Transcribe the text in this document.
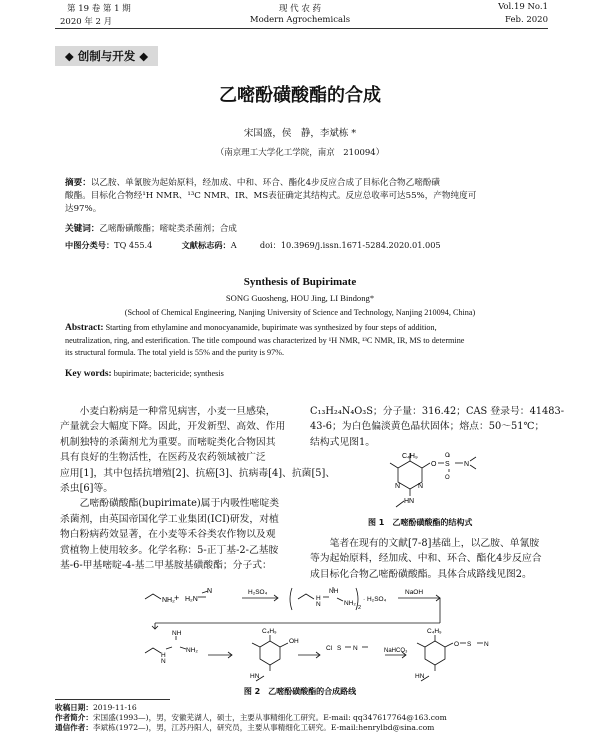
第 19 卷 第 1 期
2020 年 2 月
现 代 农 药
Modern Agrochemicals
Vol.19 No.1
Feb. 2020
◆ 创制与开发 ◆
乙嘧酚磺酸酯的合成
宋国盛，侯　静，李斌栋 *
（南京理工大学化工学院，南京　210094）
摘要：以乙胺、单氰胺为起始原料，经加成、中和、环合、酯化4步反应合成了目标化合物乙嘧酚磺
酸酯。目标化合物经¹H NMR、¹³C NMR、IR、MS表征确定其结构式。反应总收率可达55%，产物纯度可
达97%。
关键词：乙嘧酚磺酸酯；嘧啶类杀菌剂；合成
中图分类号：TQ 455.4	文献标志码：A	doi：10.3969/j.issn.1671-5284.2020.01.005
Synthesis of Bupirimate
SONG Guosheng, HOU Jing, LI Bindong*
(School of Chemical Engineering, Nanjing University of Science and Technology, Nanjing 210094, China)
Abstract: Starting from ethylamine and monocyanamide, bupirimate was synthesized by four steps of addition,
neutralization, ring, and esterification. The title compound was characterized by ¹H NMR, ¹³C NMR, IR, MS to determine
its structural formula. The total yield is 55% and the purity is 97%.
Key words: bupirimate; bactericide; synthesis
小麦白粉病是一种常见病害，小麦一旦感染，
产量就会大幅度下降。因此，开发新型、高效、作用
机制独特的杀菌剂尤为重要。而嘧啶类化合物因其
具有良好的生物活性，在医药及农药领域被广泛
应用[1]，其中包括抗增殖[2]、抗癌[3]、抗病毒[4]、抗菌[5]、
杀虫[6]等。
乙嘧酚磺酸酯(bupirimate)属于内吸性嘧啶类
杀菌剂，由英国帝国化学工业集团(ICI)研发，对植
物白粉病药效显著，在小麦等禾谷类农作物以及观
赏植物上使用较多。化学名称：5-正丁基-2-乙基胺
基-6-甲基嘧啶-4-基二甲基胺基磺酸酯；分子式：
C₁₃H₂₄N₄O₃S；分子量：316.42；CAS 登录号：41483-
43-6；为白色偏淡黄色晶状固体；熔点：50～51℃；
结构式见图1。
C₄H₉
O S
O
O
N
N
N
HN
图 1　乙嘧酚磺酸酯的结构式
笔者在现有的文献[7-8]基础上，以乙胺、单氰胺
等为起始原料，经加成、中和、环合、酯化4步反应合
成目标化合物乙嘧酚磺酸酯。具体合成路线见图2。
NH₂ + H₂N
N	H₂SO₄
H
N
NH
NH₂
2
· H₂SO₄
NaOH
H
N
NH
NH₂
C₄H₉
OH
HN
Cl S N	NaHCO₃
C₄H₉
O S N
HN
图 2　乙嘧酚磺酸酯的合成路线
收稿日期：2019-11-16
作者简介：宋国盛(1993—)，男，安徽芜湖人，硕士，主要从事精细化工研究。E-mail: qq347617764@163.com
通信作者：李斌栋(1972—)，男，江苏丹阳人，研究员，主要从事精细化工研究。E-mail:henrylbd@sina.com
